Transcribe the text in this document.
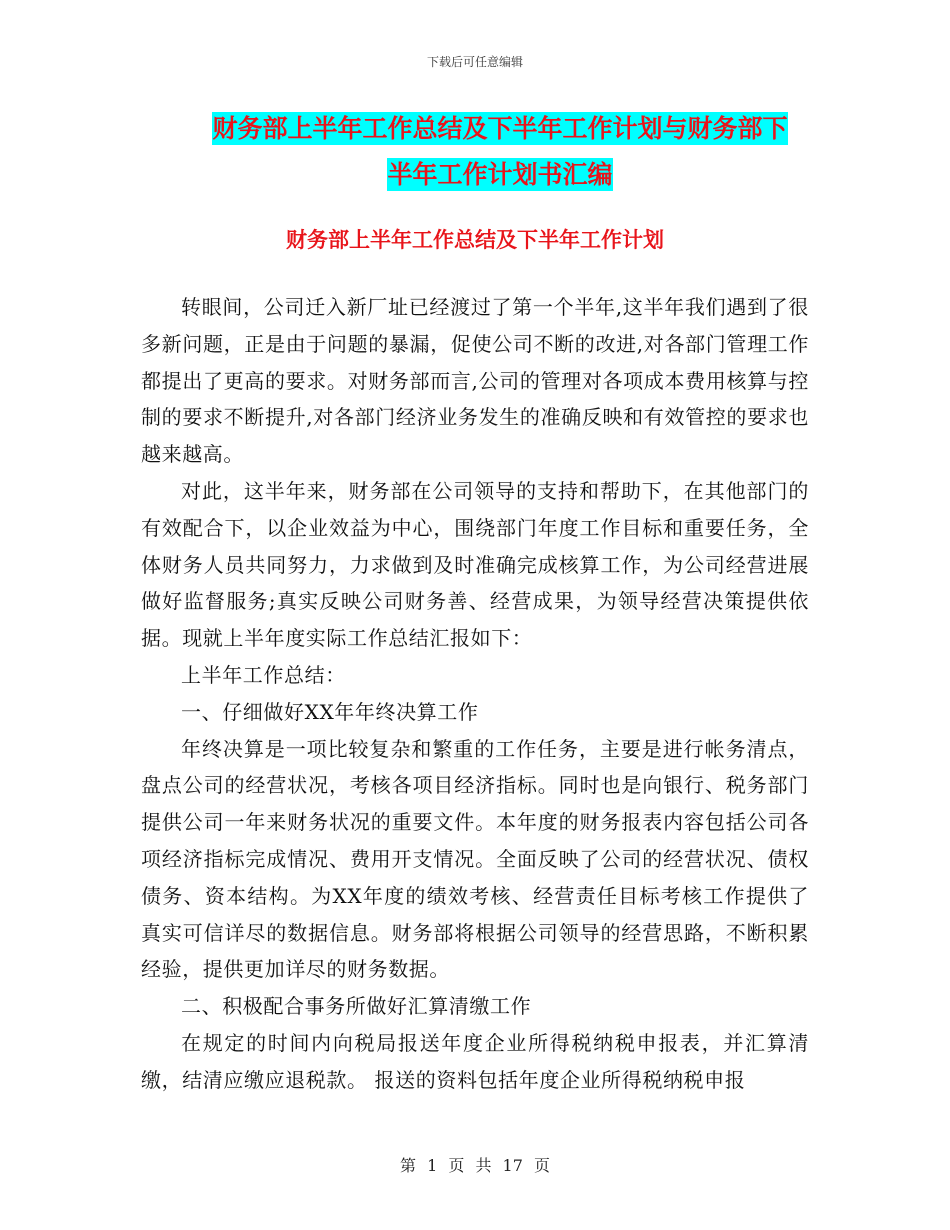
下载后可任意编辑
财务部上半年工作总结及下半年工作计划与财务部下
半年工作计划书汇编
财务部上半年工作总结及下半年工作计划

转眼间，公司迁入新厂址已经渡过了第一个半年,这半年我们遇到了很多新问题，正是由于问题的暴漏，促使公司不断的改进,对各部门管理工作都提出了更高的要求。对财务部而言,公司的管理对各项成本费用核算与控制的要求不断提升,对各部门经济业务发生的准确反映和有效管控的要求也越来越高。

对此，这半年来，财务部在公司领导的支持和帮助下，在其他部门的有效配合下，以企业效益为中心，围绕部门年度工作目标和重要任务，全体财务人员共同努力，力求做到及时准确完成核算工作，为公司经营进展做好监督服务;真实反映公司财务善、经营成果，为领导经营决策提供依据。现就上半年度实际工作总结汇报如下：

上半年工作总结：

一、仔细做好XX年年终决算工作

年终决算是一项比较复杂和繁重的工作任务，主要是进行帐务清点，盘点公司的经营状况，考核各项目经济指标。同时也是向银行、税务部门提供公司一年来财务状况的重要文件。本年度的财务报表内容包括公司各项经济指标完成情况、费用开支情况。全面反映了公司的经营状况、债权债务、资本结构。为XX年度的绩效考核、经营责任目标考核工作提供了真实可信详尽的数据信息。财务部将根据公司领导的经营思路，不断积累经验，提供更加详尽的财务数据。

二、积极配合事务所做好汇算清缴工作

在规定的时间内向税局报送年度企业所得税纳税申报表，并汇算清缴，结清应缴应退税款。 报送的资料包括年度企业所得税纳税申报

第 1 页 共 17 页
